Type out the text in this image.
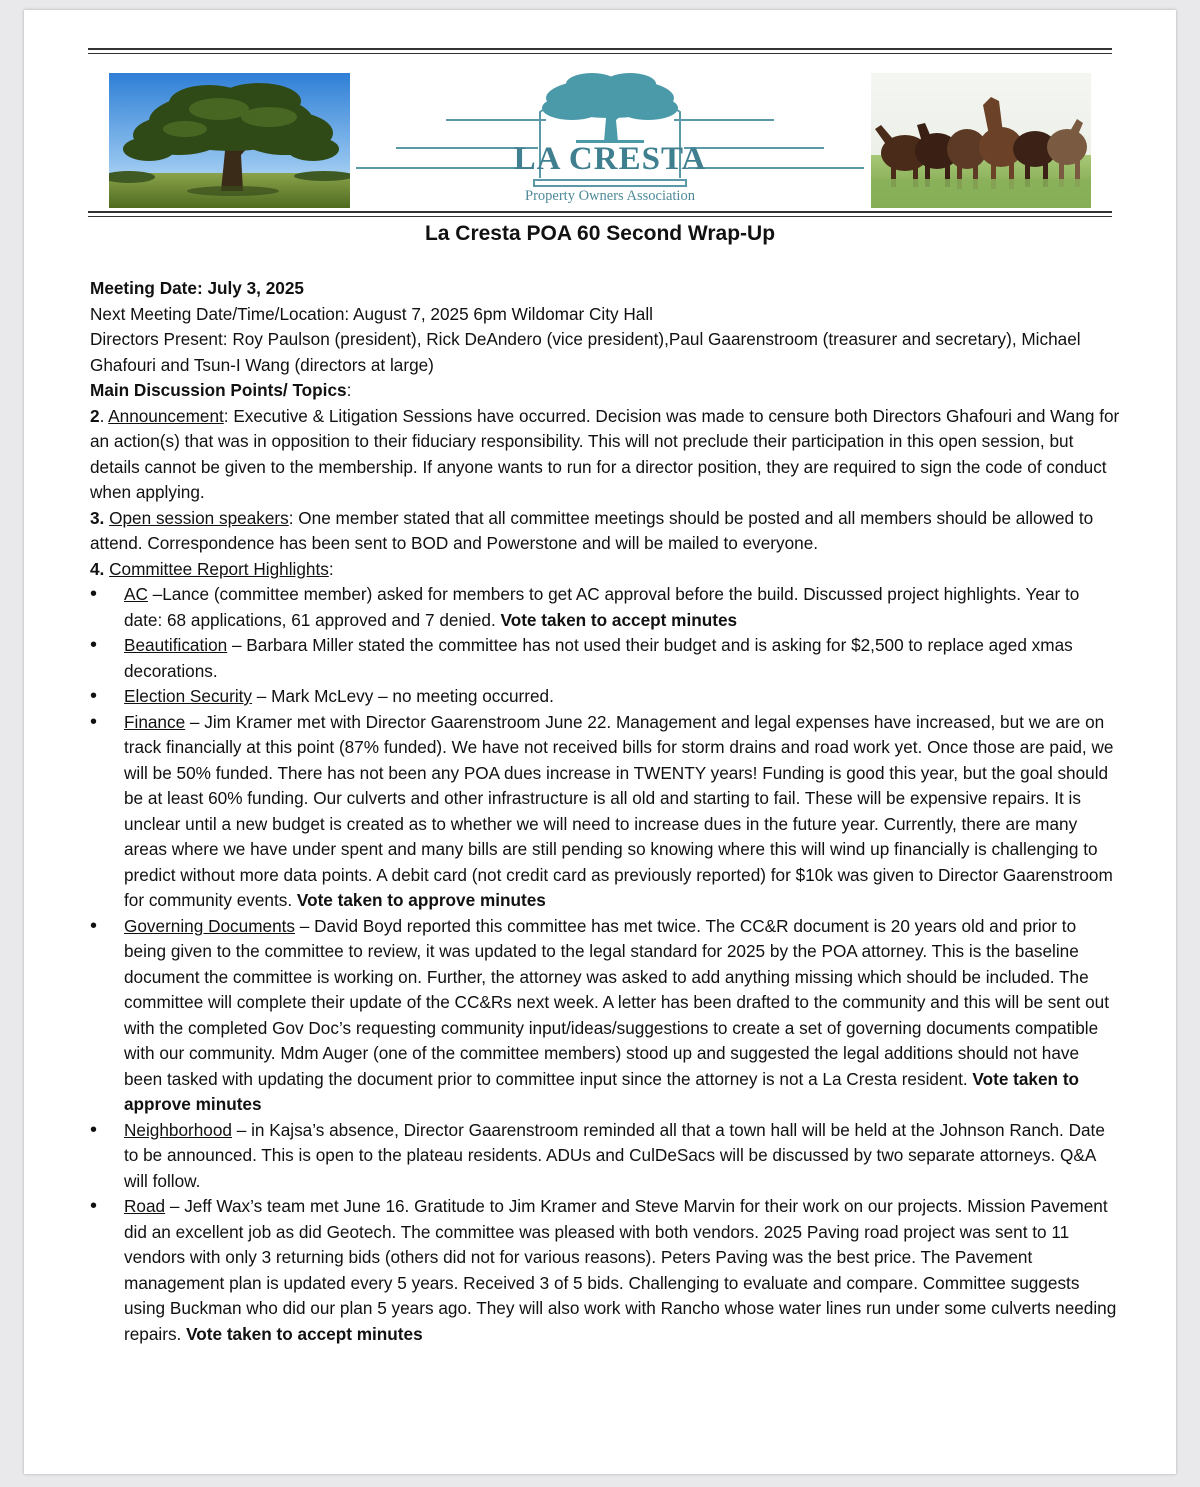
LA CRESTA
Property Owners Association
La Cresta POA 60 Second Wrap-Up

Meeting Date: July 3, 2025

Next Meeting Date/Time/Location: August 7, 2025 6pm Wildomar City Hall

Directors Present: Roy Paulson (president), Rick DeAndero (vice president),Paul Gaarenstroom (treasurer and secretary), Michael Ghafouri and Tsun-I Wang (directors at large)

Main Discussion Points/ Topics:

2. Announcement: Executive & Litigation Sessions have occurred. Decision was made to censure both Directors Ghafouri and Wang for an action(s) that was in opposition to their fiduciary responsibility. This will not preclude their participation in this open session, but details cannot be given to the membership. If anyone wants to run for a director position, they are required to sign the code of conduct when applying.

3. Open session speakers: One member stated that all committee meetings should be posted and all members should be allowed to attend. Correspondence has been sent to BOD and Powerstone and will be mailed to everyone.

4. Committee Report Highlights:

• AC –Lance (committee member) asked for members to get AC approval before the build. Discussed project highlights. Year to date: 68 applications, 61 approved and 7 denied. Vote taken to accept minutes
• Beautification – Barbara Miller stated the committee has not used their budget and is asking for $2,500 to replace aged xmas decorations.
• Election Security – Mark McLevy – no meeting occurred.
• Finance – Jim Kramer met with Director Gaarenstroom June 22. Management and legal expenses have increased, but we are on track financially at this point (87% funded). We have not received bills for storm drains and road work yet. Once those are paid, we will be 50% funded. There has not been any POA dues increase in TWENTY years! Funding is good this year, but the goal should be at least 60% funding. Our culverts and other infrastructure is all old and starting to fail. These will be expensive repairs. It is unclear until a new budget is created as to whether we will need to increase dues in the future year. Currently, there are many areas where we have under spent and many bills are still pending so knowing where this will wind up financially is challenging to predict without more data points. A debit card (not credit card as previously reported) for $10k was given to Director Gaarenstroom for community events. Vote taken to approve minutes
• Governing Documents – David Boyd reported this committee has met twice. The CC&R document is 20 years old and prior to being given to the committee to review, it was updated to the legal standard for 2025 by the POA attorney. This is the baseline document the committee is working on. Further, the attorney was asked to add anything missing which should be included. The committee will complete their update of the CC&Rs next week. A letter has been drafted to the community and this will be sent out with the completed Gov Doc’s requesting community input/ideas/suggestions to create a set of governing documents compatible with our community. Mdm Auger (one of the committee members) stood up and suggested the legal additions should not have been tasked with updating the document prior to committee input since the attorney is not a La Cresta resident. Vote taken to approve minutes
• Neighborhood – in Kajsa’s absence, Director Gaarenstroom reminded all that a town hall will be held at the Johnson Ranch. Date to be announced. This is open to the plateau residents. ADUs and CulDeSacs will be discussed by two separate attorneys. Q&A will follow.
• Road – Jeff Wax’s team met June 16. Gratitude to Jim Kramer and Steve Marvin for their work on our projects. Mission Pavement did an excellent job as did Geotech. The committee was pleased with both vendors. 2025 Paving road project was sent to 11 vendors with only 3 returning bids (others did not for various reasons). Peters Paving was the best price. The Pavement management plan is updated every 5 years. Received 3 of 5 bids. Challenging to evaluate and compare. Committee suggests using Buckman who did our plan 5 years ago. They will also work with Rancho whose water lines run under some culverts needing repairs. Vote taken to accept minutes
